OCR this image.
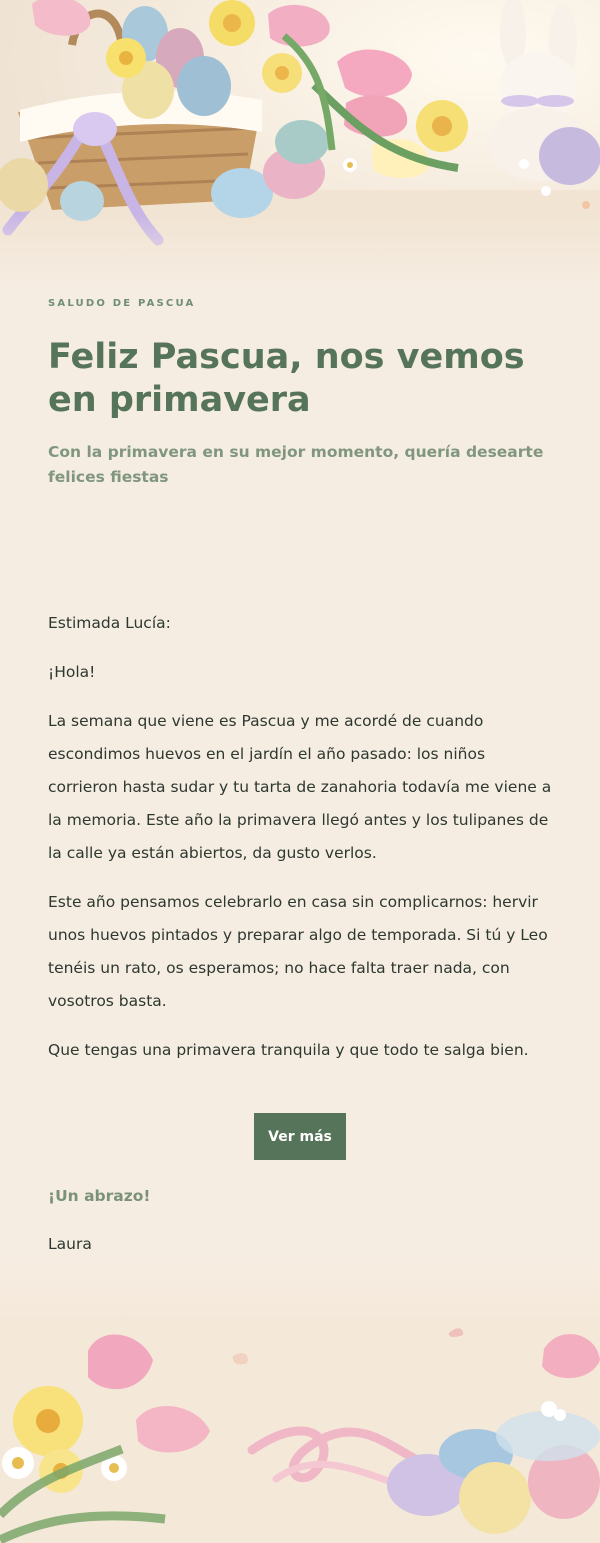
SALUDO DE PASCUA
Feliz Pascua, nos vemos en primavera

Con la primavera en su mejor momento, quería desearte felices fiestas

Estimada Lucía:

¡Hola!

La semana que viene es Pascua y me acordé de cuando escondimos huevos en el jardín el año pasado: los niños corrieron hasta sudar y tu tarta de zanahoria todavía me viene a la memoria. Este año la primavera llegó antes y los tulipanes de la calle ya están abiertos, da gusto verlos.

Este año pensamos celebrarlo en casa sin complicarnos: hervir unos huevos pintados y preparar algo de temporada. Si tú y Leo tenéis un rato, os esperamos; no hace falta traer nada, con vosotros basta.

Que tengas una primavera tranquila y que todo te salga bien.

Ver más
¡Un abrazo!
Laura
